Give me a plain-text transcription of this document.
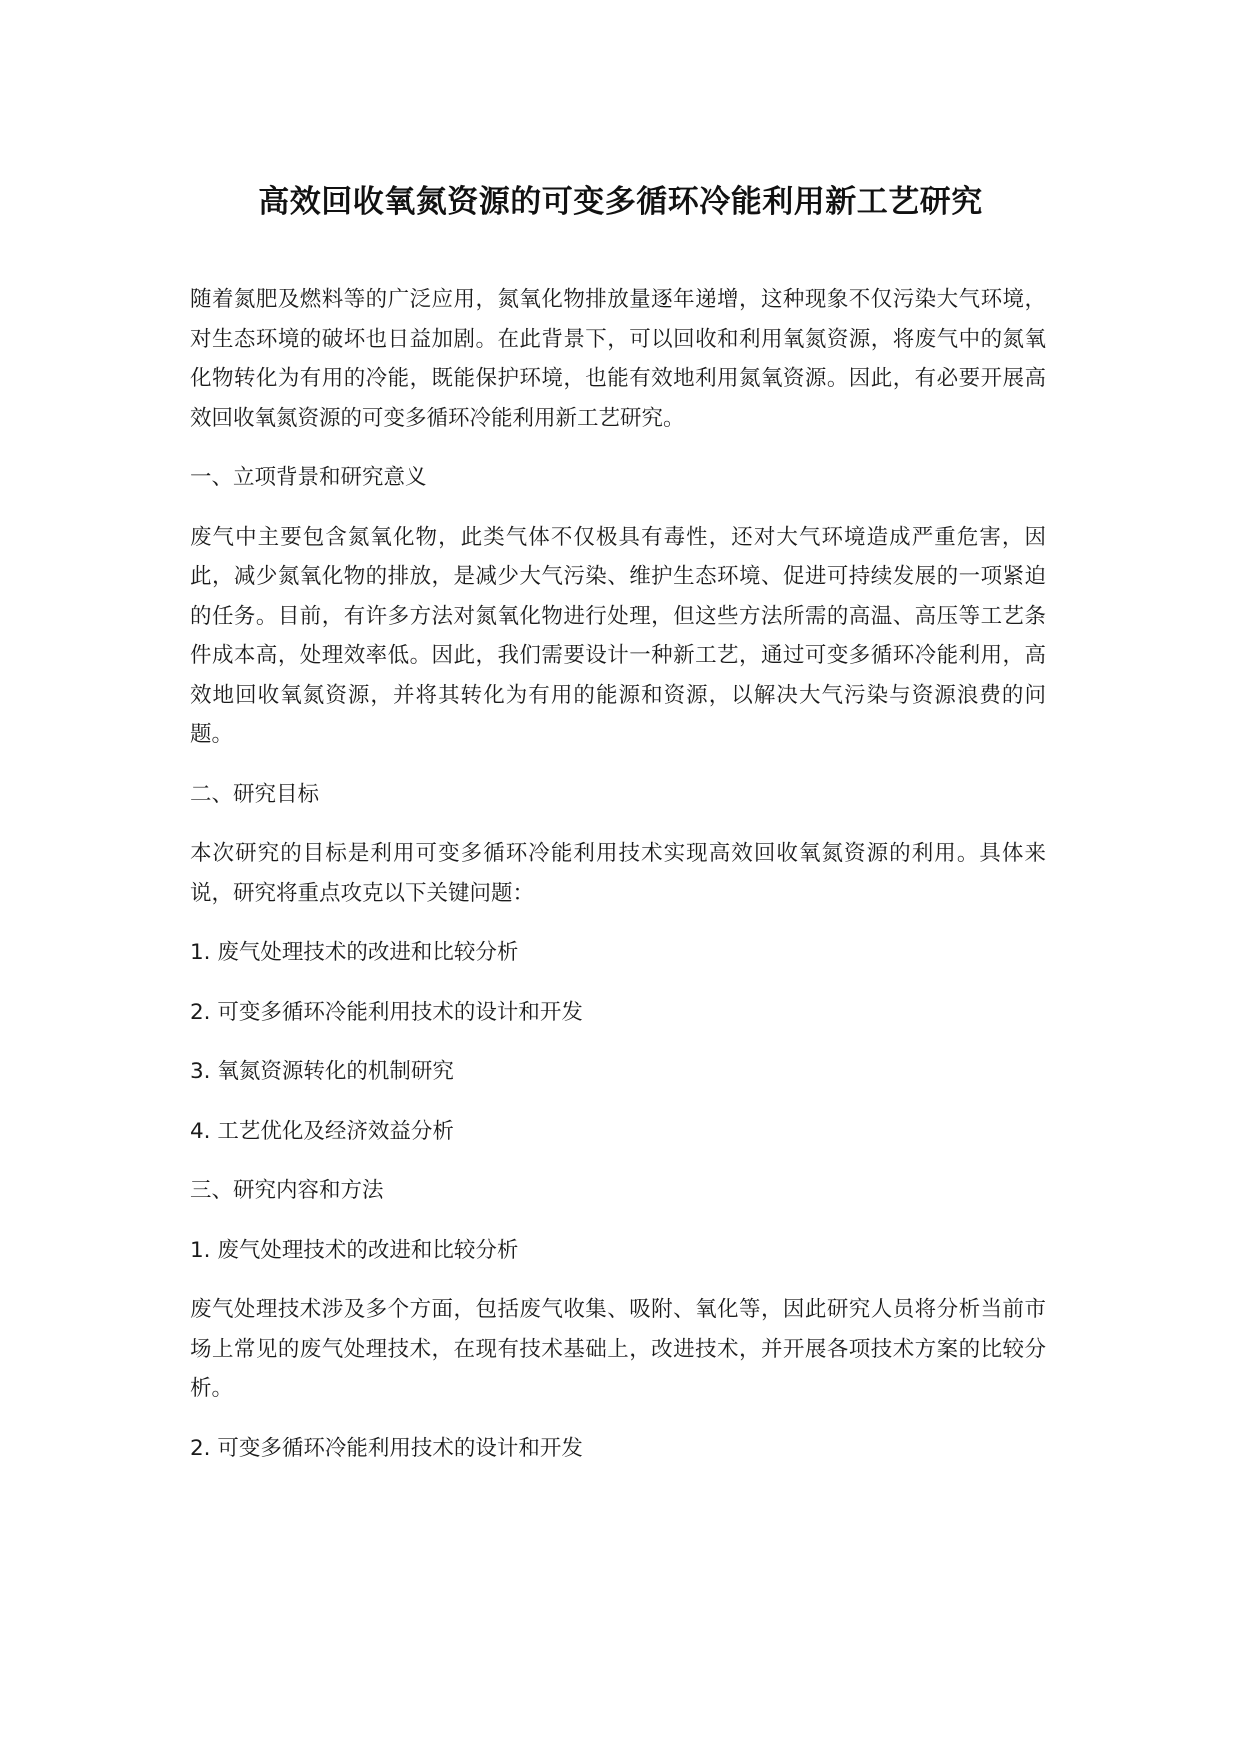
高效回收氧氮资源的可变多循环冷能利用新工艺研究

随着氮肥及燃料等的广泛应用，氮氧化物排放量逐年递增，这种现象不仅污染大气环境，对生态环境的破坏也日益加剧。在此背景下，可以回收和利用氧氮资源，将废气中的氮氧化物转化为有用的冷能，既能保护环境，也能有效地利用氮氧资源。因此，有必要开展高效回收氧氮资源的可变多循环冷能利用新工艺研究。

一、立项背景和研究意义

废气中主要包含氮氧化物，此类气体不仅极具有毒性，还对大气环境造成严重危害，因此，减少氮氧化物的排放，是减少大气污染、维护生态环境、促进可持续发展的一项紧迫的任务。目前，有许多方法对氮氧化物进行处理，但这些方法所需的高温、高压等工艺条件成本高，处理效率低。因此，我们需要设计一种新工艺，通过可变多循环冷能利用，高效地回收氧氮资源，并将其转化为有用的能源和资源，以解决大气污染与资源浪费的问题。

二、研究目标

本次研究的目标是利用可变多循环冷能利用技术实现高效回收氧氮资源的利用。具体来说，研究将重点攻克以下关键问题：

1. 废气处理技术的改进和比较分析
2. 可变多循环冷能利用技术的设计和开发
3. 氧氮资源转化的机制研究
4. 工艺优化及经济效益分析
三、研究内容和方法
1. 废气处理技术的改进和比较分析

废气处理技术涉及多个方面，包括废气收集、吸附、氧化等，因此研究人员将分析当前市场上常见的废气处理技术，在现有技术基础上，改进技术，并开展各项技术方案的比较分析。

2. 可变多循环冷能利用技术的设计和开发
